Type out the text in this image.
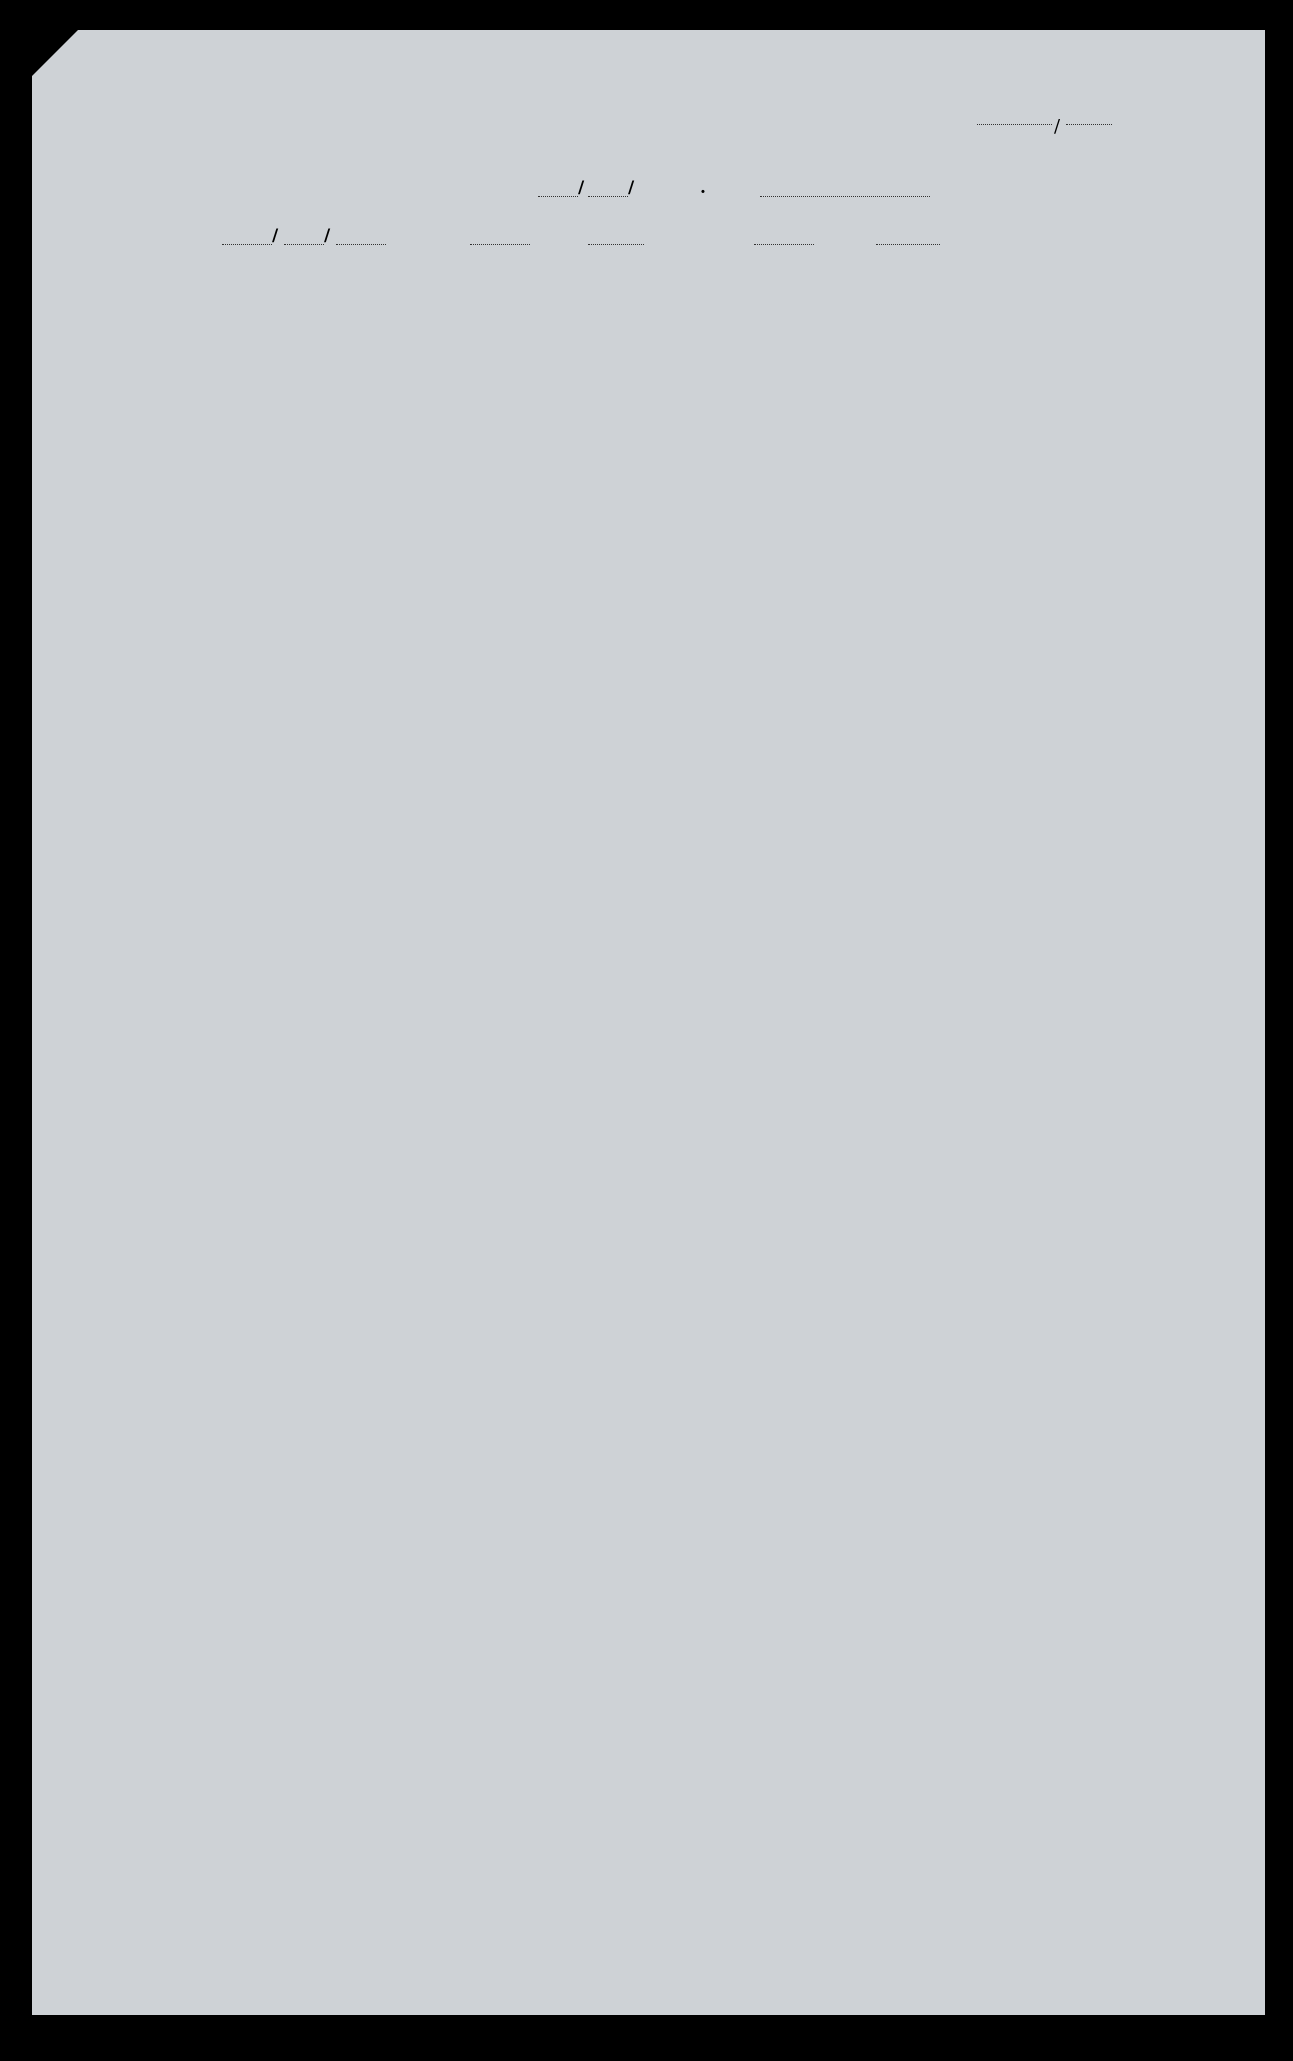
/
/	/	.
/	/
